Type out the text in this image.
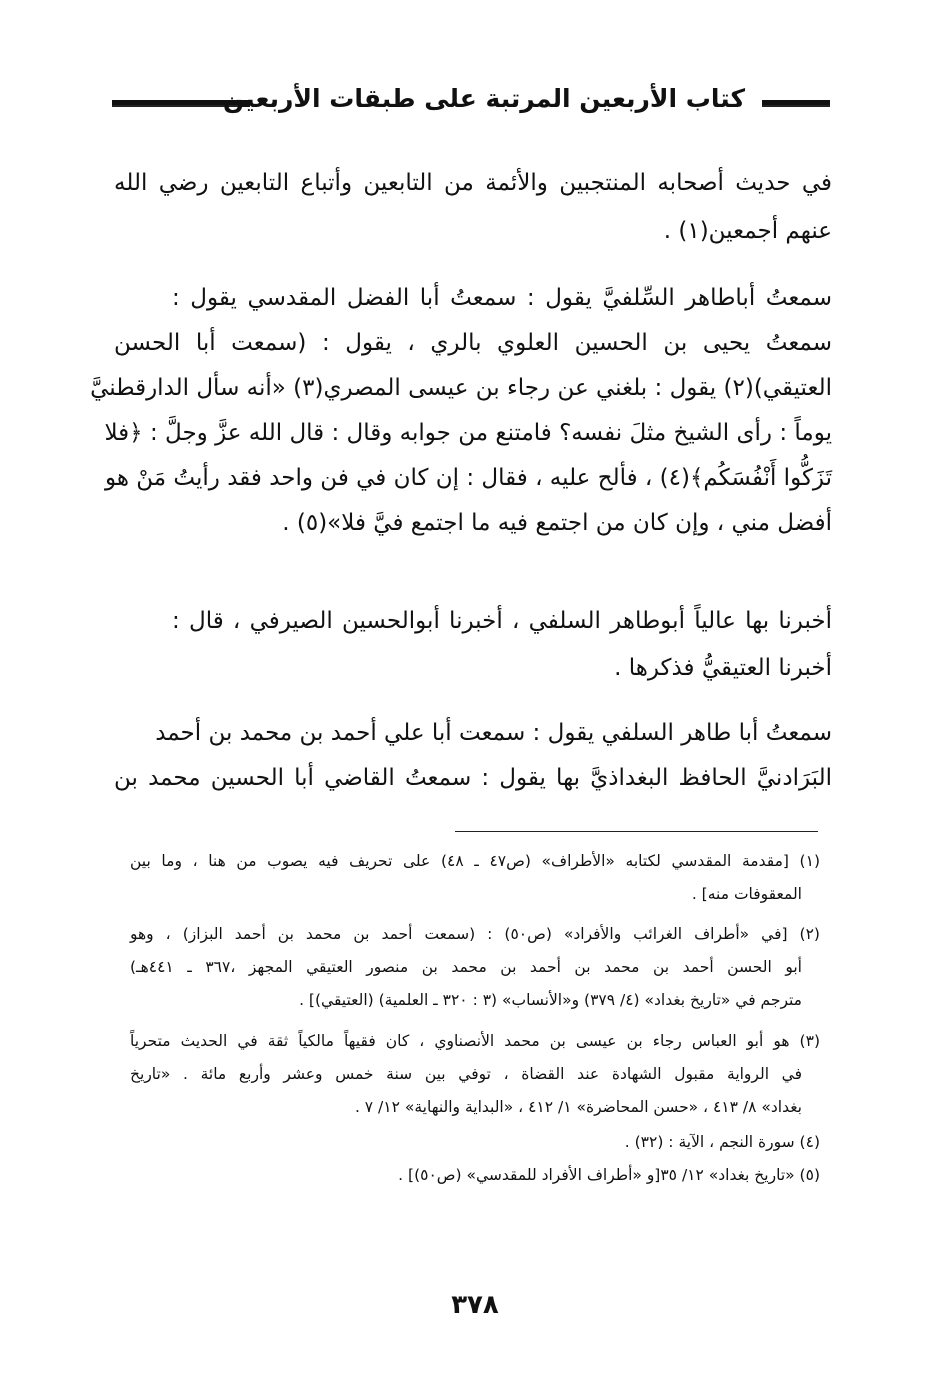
كتاب الأربعين المرتبة على طبقات الأربعين
في حديث أصحابه المنتجبين والأئمة من التابعين وأتباع التابعين رضي الله
عنهم أجمعين(١) .
سمعتُ أباطاهر السِّلفيَّ يقول : سمعتُ أبا الفضل المقدسي يقول :
سمعتُ يحيى بن الحسين العلوي بالري ، يقول : (سمعت أبا الحسن
العتيقي)(٢) يقول : بلغني عن رجاء بن عيسى المصري(٣) «أنه سأل الدارقطنيَّ
يوماً : رأى الشيخ مثلَ نفسه؟ فامتنع من جوابه وقال : قال الله عزَّ وجلَّ : ﴿فلا
تَزَكُّوا أَنْفُسَكُم﴾(٤) ، فألح عليه ، فقال : إن كان في فن واحد فقد رأيتُ مَنْ هو
أفضل مني ، وإن كان من اجتمع فيه ما اجتمع فيَّ فلا»(٥) .
أخبرنا بها عالياً أبوطاهر السلفي ، أخبرنا أبوالحسين الصيرفي ، قال :
أخبرنا العتيقيُّ فذكرها .
سمعتُ أبا طاهر السلفي يقول : سمعت أبا علي أحمد بن محمد بن أحمد
البَرَادنيَّ الحافظ البغداذيَّ بها يقول : سمعتُ القاضي أبا الحسين محمد بن
(١) [مقدمة المقدسي لكتابه «الأطراف» (ص٤٧ ـ ٤٨) على تحريف فيه يصوب من هنا ، وما بين
المعقوفات منه] .
(٢) [في «أطراف الغرائب والأفراد» (ص٥٠) : (سمعت أحمد بن محمد بن أحمد البزاز) ، وهو
أبو الحسن أحمد بن محمد بن أحمد بن محمد بن منصور العتيقي المجهز ،٣٦٧ ـ ٤٤١هـ)
مترجم في «تاريخ بغداد» (٤/ ٣٧٩) و«الأنساب» (٣ : ٣٢٠ ـ العلمية) (العتيقي)] .
(٣) هو أبو العباس رجاء بن عيسى بن محمد الأنصناوي ، كان فقيهاً مالكياً ثقة في الحديث متحرياً
في الرواية مقبول الشهادة عند القضاة ، توفي بين سنة خمس وعشر وأربع مائة . «تاريخ
بغداد» ٨/ ٤١٣ ، «حسن المحاضرة» ١/ ٤١٢ ، «البداية والنهاية» ١٢/ ٧ .
(٤) سورة النجم ، الآية : (٣٢) .
(٥) «تاريخ بغداد» ١٢/ ٣٥[و «أطراف الأفراد للمقدسي» (ص٥٠)] .
٣٧٨
